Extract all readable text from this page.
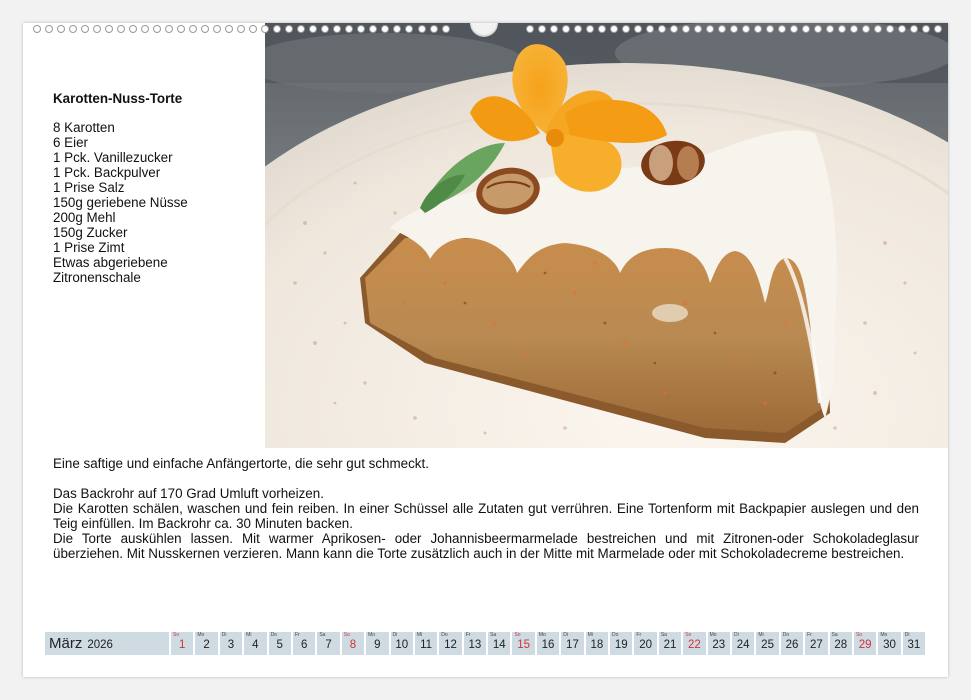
Karotten-Nuss-Torte
8 Karotten
6 Eier
1 Pck. Vanillezucker
1 Pck. Backpulver
1 Prise Salz
150g geriebene Nüsse
200g Mehl
150g Zucker
1 Prise Zimt
Etwas abgeriebene
Zitronenschale

Eine saftige und einfache Anfängertorte, die sehr gut schmeckt.

Das Backrohr auf 170 Grad Umluft vorheizen.

Die Karotten schälen, waschen und fein reiben. In einer Schüssel alle Zutaten gut verrühren. Eine Tortenform mit Backpapier auslegen und den Teig einfüllen. Im Backrohr ca. 30 Minuten backen.

Die Torte auskühlen lassen. Mit warmer Aprikosen- oder Johannisbeermarmelade bestreichen und mit Zitronen-oder Schokoladeglasur überziehen. Mit Nusskernen verzieren. Mann kann die Torte zusätzlich auch in der Mitte mit Marmelade oder mit Schokoladecreme bestreichen.

März 2026
So
1
Mo
2
Di
3
Mi
4
Do
5
Fr
6
Sa
7
So
8
Mo
9
Di
10
Mi
11
Do
12
Fr
13
Sa
14
So
15
Mo
16
Di
17
Mi
18
Do
19
Fr
20
Sa
21
So
22
Mo
23
Di
24
Mi
25
Do
26
Fr
27
Sa
28
So
29
Mo
30
Di
31
